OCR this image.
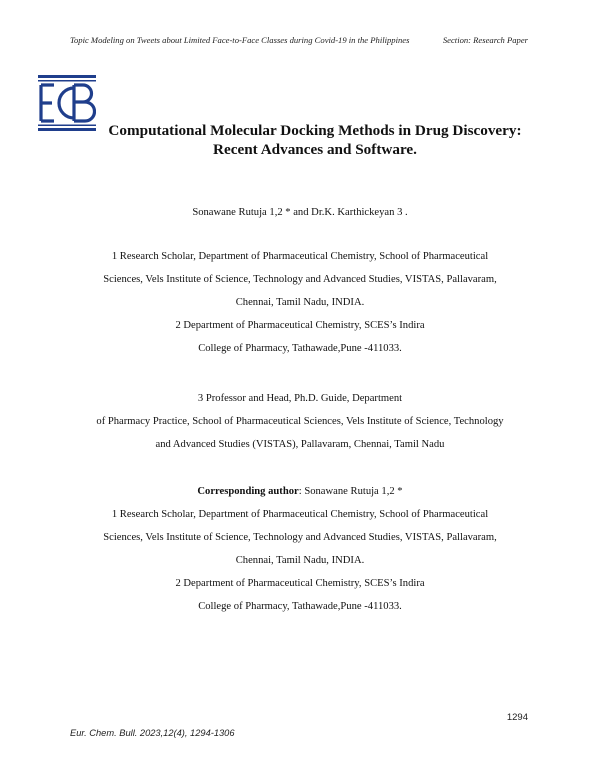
Topic Modeling on Tweets about Limited Face-to-Face Classes during Covid-19 in the Philippines	Section: Research Paper
Computational Molecular Docking Methods in Drug Discovery:
Recent Advances and Software.
Sonawane Rutuja 1,2 * and Dr.K. Karthickeyan 3 .
1 Research Scholar, Department of Pharmaceutical Chemistry, School of Pharmaceutical
Sciences, Vels Institute of Science, Technology and Advanced Studies, VISTAS, Pallavaram,
Chennai, Tamil Nadu, INDIA.
2 Department of Pharmaceutical Chemistry, SCES’s Indira
College of Pharmacy, Tathawade,Pune -411033.
3 Professor and Head, Ph.D. Guide, Department
of Pharmacy Practice, School of Pharmaceutical Sciences, Vels Institute of Science, Technology
and Advanced Studies (VISTAS), Pallavaram, Chennai, Tamil Nadu
Corresponding author: Sonawane Rutuja 1,2 *
1 Research Scholar, Department of Pharmaceutical Chemistry, School of Pharmaceutical
Sciences, Vels Institute of Science, Technology and Advanced Studies, VISTAS, Pallavaram,
Chennai, Tamil Nadu, INDIA.
2 Department of Pharmaceutical Chemistry, SCES’s Indira
College of Pharmacy, Tathawade,Pune -411033.
1294
Eur. Chem. Bull. 2023,12(4), 1294-1306
